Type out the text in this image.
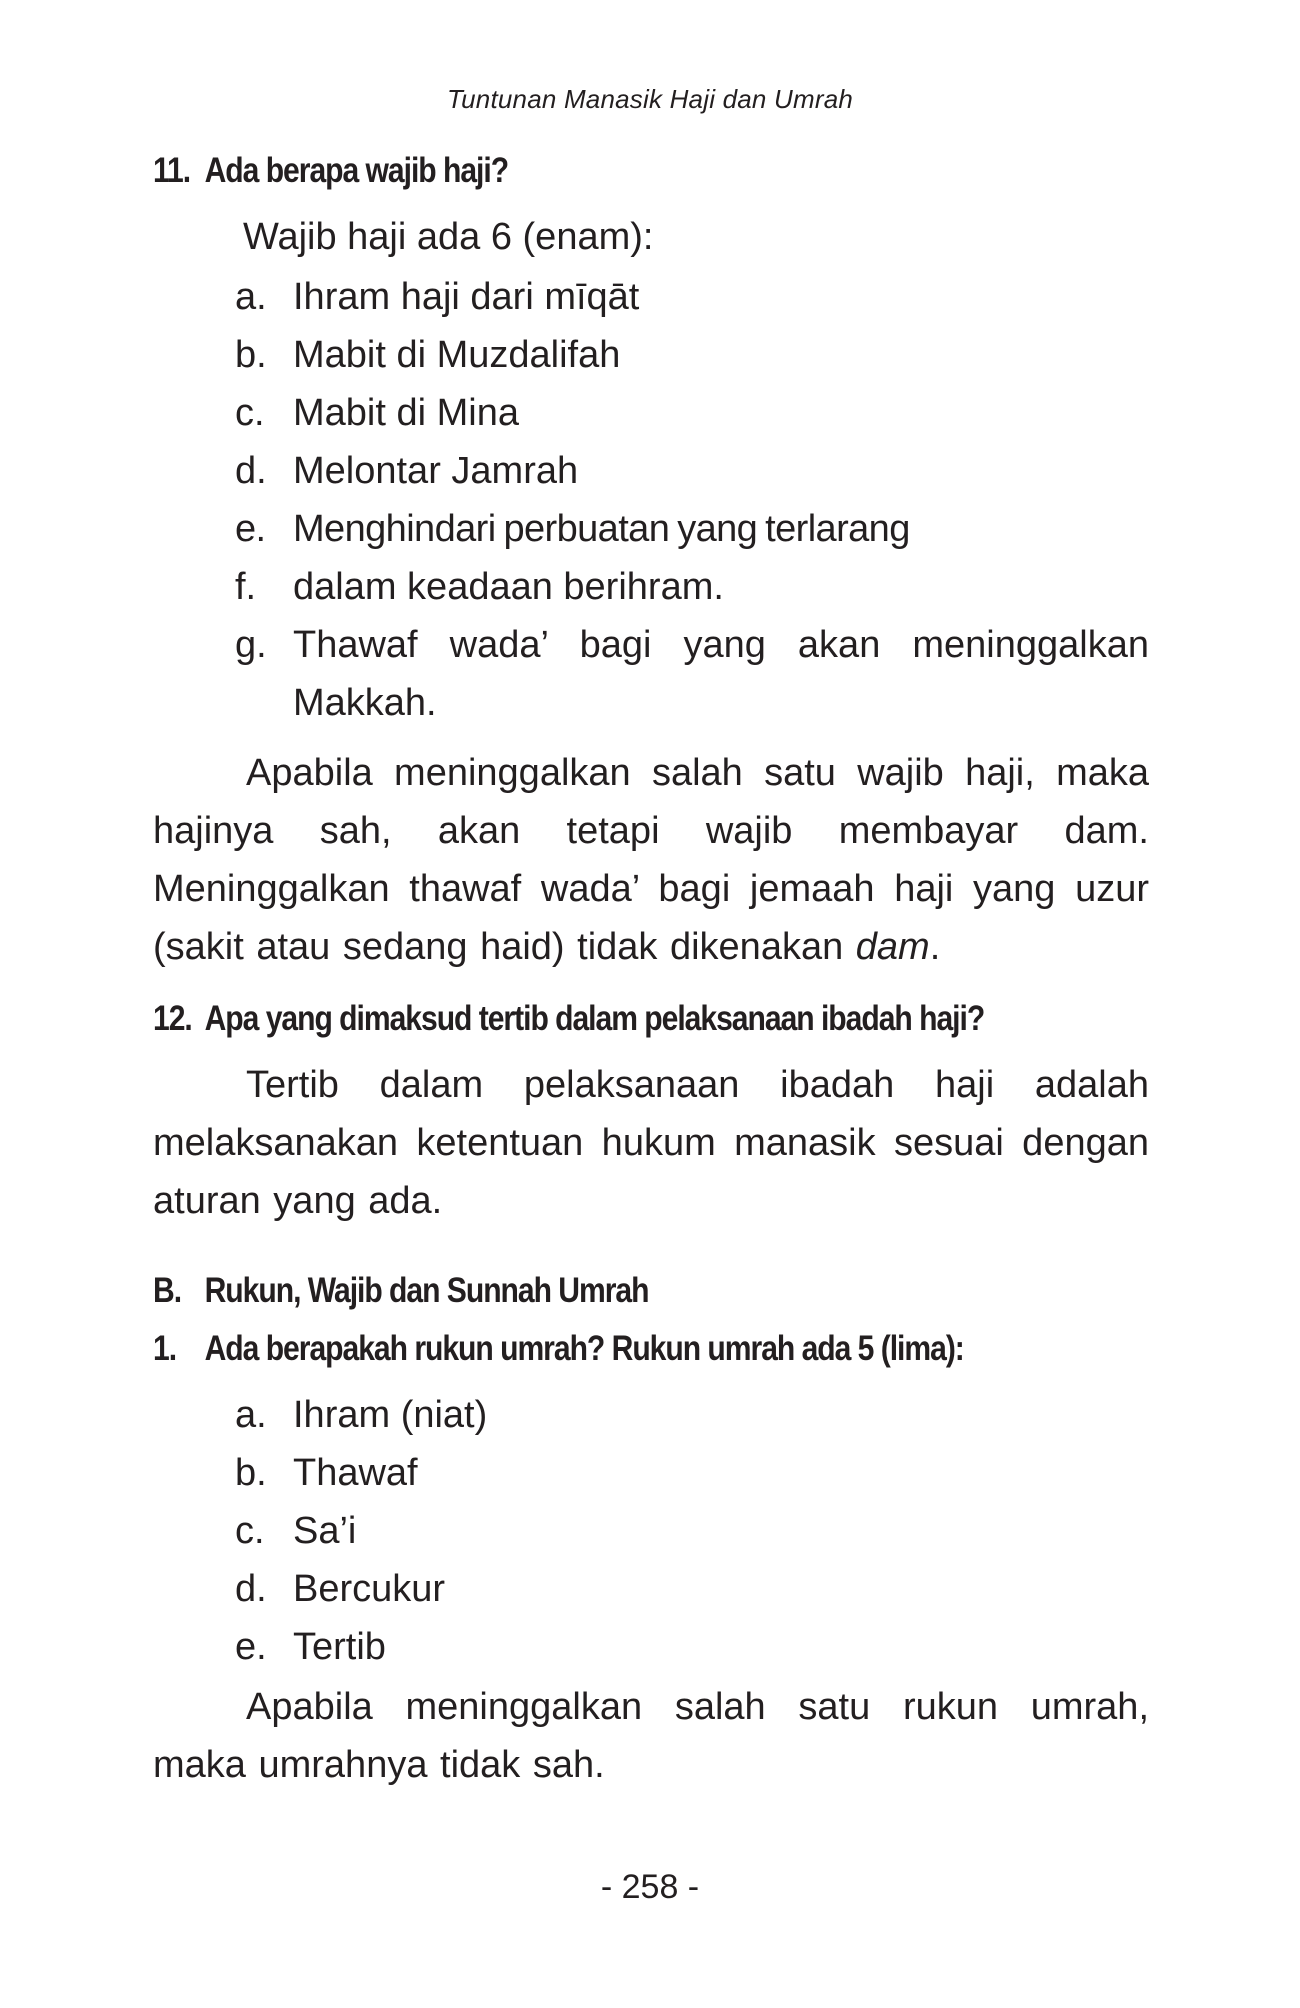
Tuntunan Manasik Haji dan Umrah
11. Ada berapa wajib haji?
Wajib haji ada 6 (enam):
a. Ihram haji dari mīqāt
b. Mabit di Muzdalifah
c. Mabit di Mina
d. Melontar Jamrah
e. Menghindari perbuatan yang terlarang
f. dalam keadaan berihram.
g. Thawaf wada’ bagi yang akan meninggalkan Makkah.

Apabila meninggalkan salah satu wajib haji, maka hajinya sah, akan tetapi wajib membayar dam. Meninggalkan thawaf wada’ bagi jemaah haji yang uzur (sakit atau sedang haid) tidak dikenakan dam.

12. Apa yang dimaksud tertib dalam pelaksanaan ibadah haji?

Tertib dalam pelaksanaan ibadah haji adalah melaksanakan ketentuan hukum manasik sesuai dengan aturan yang ada.

B. Rukun, Wajib dan Sunnah Umrah
1. Ada berapakah rukun umrah? Rukun umrah ada 5 (lima):
a. Ihram (niat)
b. Thawaf
c. Sa’i
d. Bercukur
e. Tertib

Apabila meninggalkan salah satu rukun umrah, maka umrahnya tidak sah.

- 258 -
